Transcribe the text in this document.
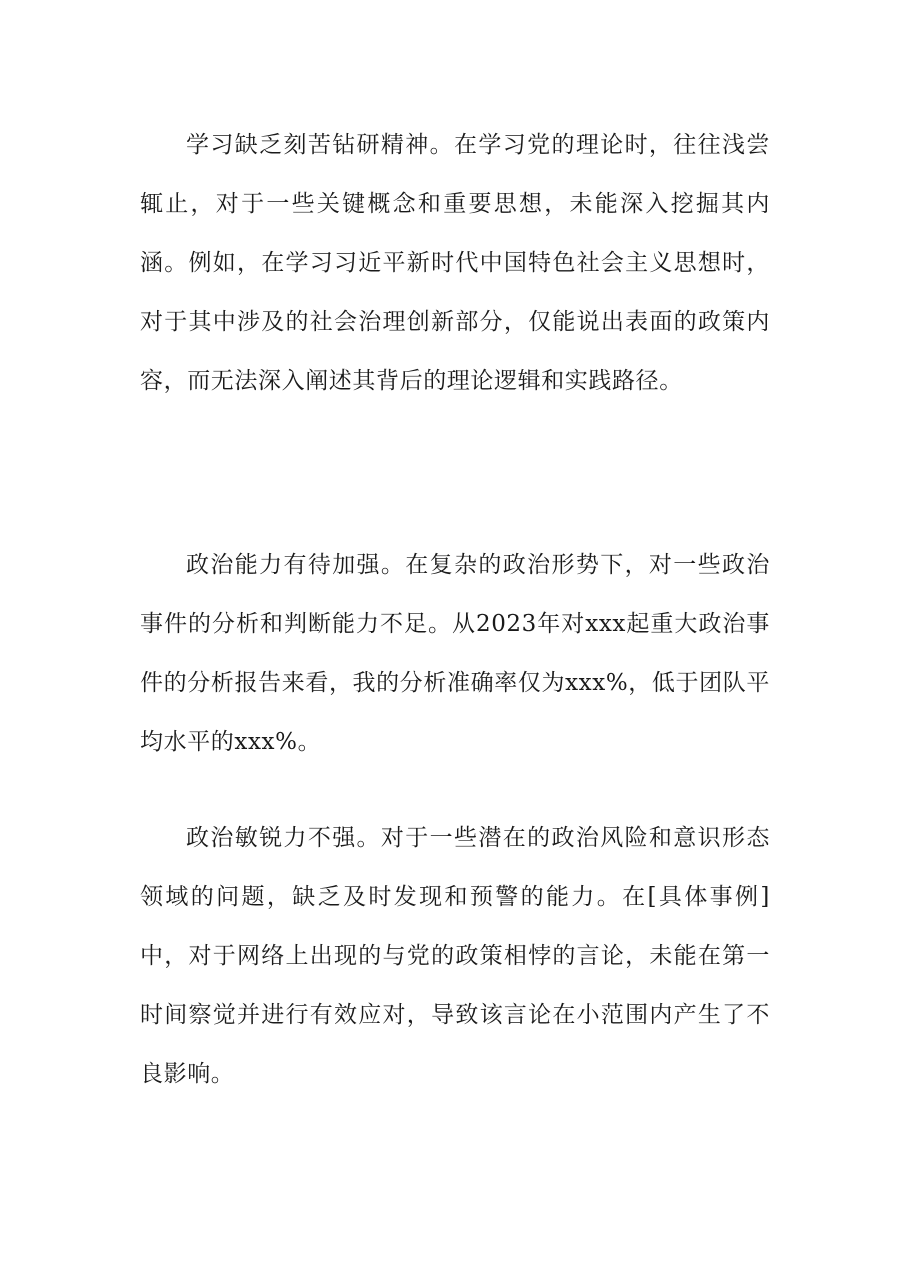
学习缺乏刻苦钻研精神。在学习党的理论时，往往浅尝辄止，对于一些关键概念和重要思想，未能深入挖掘其内涵。例如，在学习习近平新时代中国特色社会主义思想时，对于其中涉及的社会治理创新部分，仅能说出表面的政策内容，而无法深入阐述其背后的理论逻辑和实践路径。

政治能力有待加强。在复杂的政治形势下，对一些政治事件的分析和判断能力不足。从2023年对xxx起重大政治事件的分析报告来看，我的分析准确率仅为xxx%，低于团队平均水平的xxx%。

政治敏锐力不强。对于一些潜在的政治风险和意识形态领域的问题，缺乏及时发现和预警的能力。在[具体事例]中，对于网络上出现的与党的政策相悖的言论，未能在第一时间察觉并进行有效应对，导致该言论在小范围内产生了不良影响。
